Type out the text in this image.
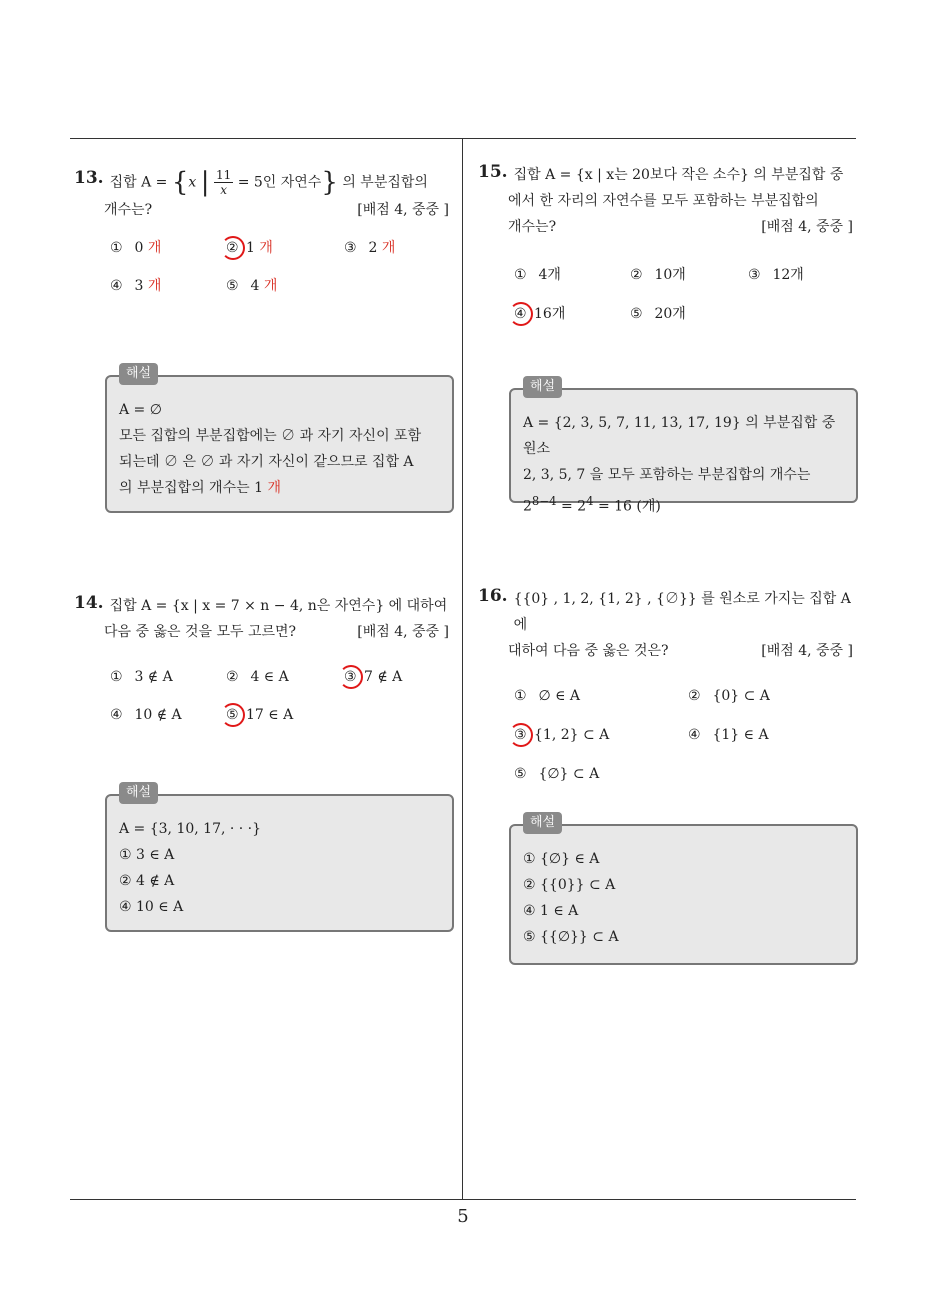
13. 집합 A = {x | $\frac{11}{x} = 5$인 자연수} 의 부분집합의
개수는?	[배점 4, 중중 ]
① 0 개	② 1 개	③ 2 개
④ 3 개	⑤ 4 개
해설
A = ∅
모든 집합의 부분집합에는 ∅ 과 자기 자신이 포함
되는데 ∅ 은 ∅ 과 자기 자신이 같으므로 집합 A
의 부분집합의 개수는 1 개
14. 집합 A = {x | x = 7 × n − 4, n은 자연수} 에 대하여
다음 중 옳은 것을 모두 고르면?	[배점 4, 중중 ]
① 3 ∉ A	② 4 ∈ A	③ 7 ∉ A
④ 10 ∉ A	⑤ 17 ∈ A
해설
A = {3, 10, 17, · · ·}
① 3 ∈ A
② 4 ∉ A
④ 10 ∈ A
15. 집합 A = {x | x는 20보다 작은 소수} 의 부분집합 중
에서 한 자리의 자연수를 모두 포함하는 부분집합의
개수는?	[배점 4, 중중 ]
① 4개	② 10개	③ 12개
④ 16개	⑤ 20개
해설
A = {2, 3, 5, 7, 11, 13, 17, 19} 의 부분집합 중 원소
2, 3, 5, 7 을 모두 포함하는 부분집합의 개수는
$2^{8-4} = 2^4 = 16$ (개)
16. {{0} , 1, 2, {1, 2} , {∅}} 를 원소로 가지는 집합 A 에
대하여 다음 중 옳은 것은?	[배점 4, 중중 ]
① ∅ ∈ A	② {0} ⊂ A
③ {1, 2} ⊂ A	④ {1} ∈ A
⑤ {∅} ⊂ A
해설
① {∅} ∈ A
② {{0}} ⊂ A
④ 1 ∈ A
⑤ {{∅}} ⊂ A
5
